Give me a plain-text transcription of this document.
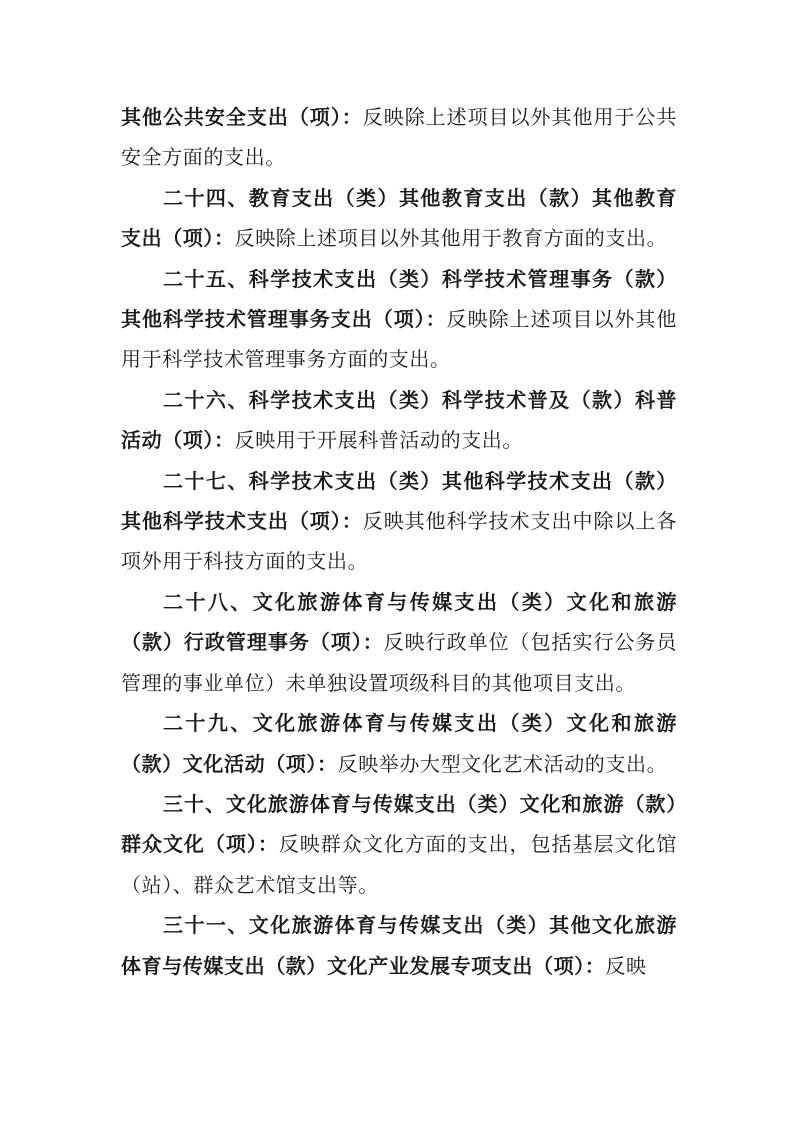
其他公共安全支出（项）：反映除上述项目以外其他用于公共安全方面的支出。

二十四、教育支出（类）其他教育支出（款）其他教育支出（项）：反映除上述项目以外其他用于教育方面的支出。

二十五、科学技术支出（类）科学技术管理事务（款）其他科学技术管理事务支出（项）：反映除上述项目以外其他用于科学技术管理事务方面的支出。

二十六、科学技术支出（类）科学技术普及（款）科普活动（项）：反映用于开展科普活动的支出。

二十七、科学技术支出（类）其他科学技术支出（款）其他科学技术支出（项）：反映其他科学技术支出中除以上各项外用于科技方面的支出。

二十八、文化旅游体育与传媒支出（类）文化和旅游（款）行政管理事务（项）：反映行政单位（包括实行公务员管理的事业单位）未单独设置项级科目的其他项目支出。

二十九、文化旅游体育与传媒支出（类）文化和旅游（款）文化活动（项）：反映举办大型文化艺术活动的支出。

三十、文化旅游体育与传媒支出（类）文化和旅游（款）群众文化（项）：反映群众文化方面的支出，包括基层文化馆（站）、群众艺术馆支出等。

三十一、文化旅游体育与传媒支出（类）其他文化旅游体育与传媒支出（款）文化产业发展专项支出（项）：反映
